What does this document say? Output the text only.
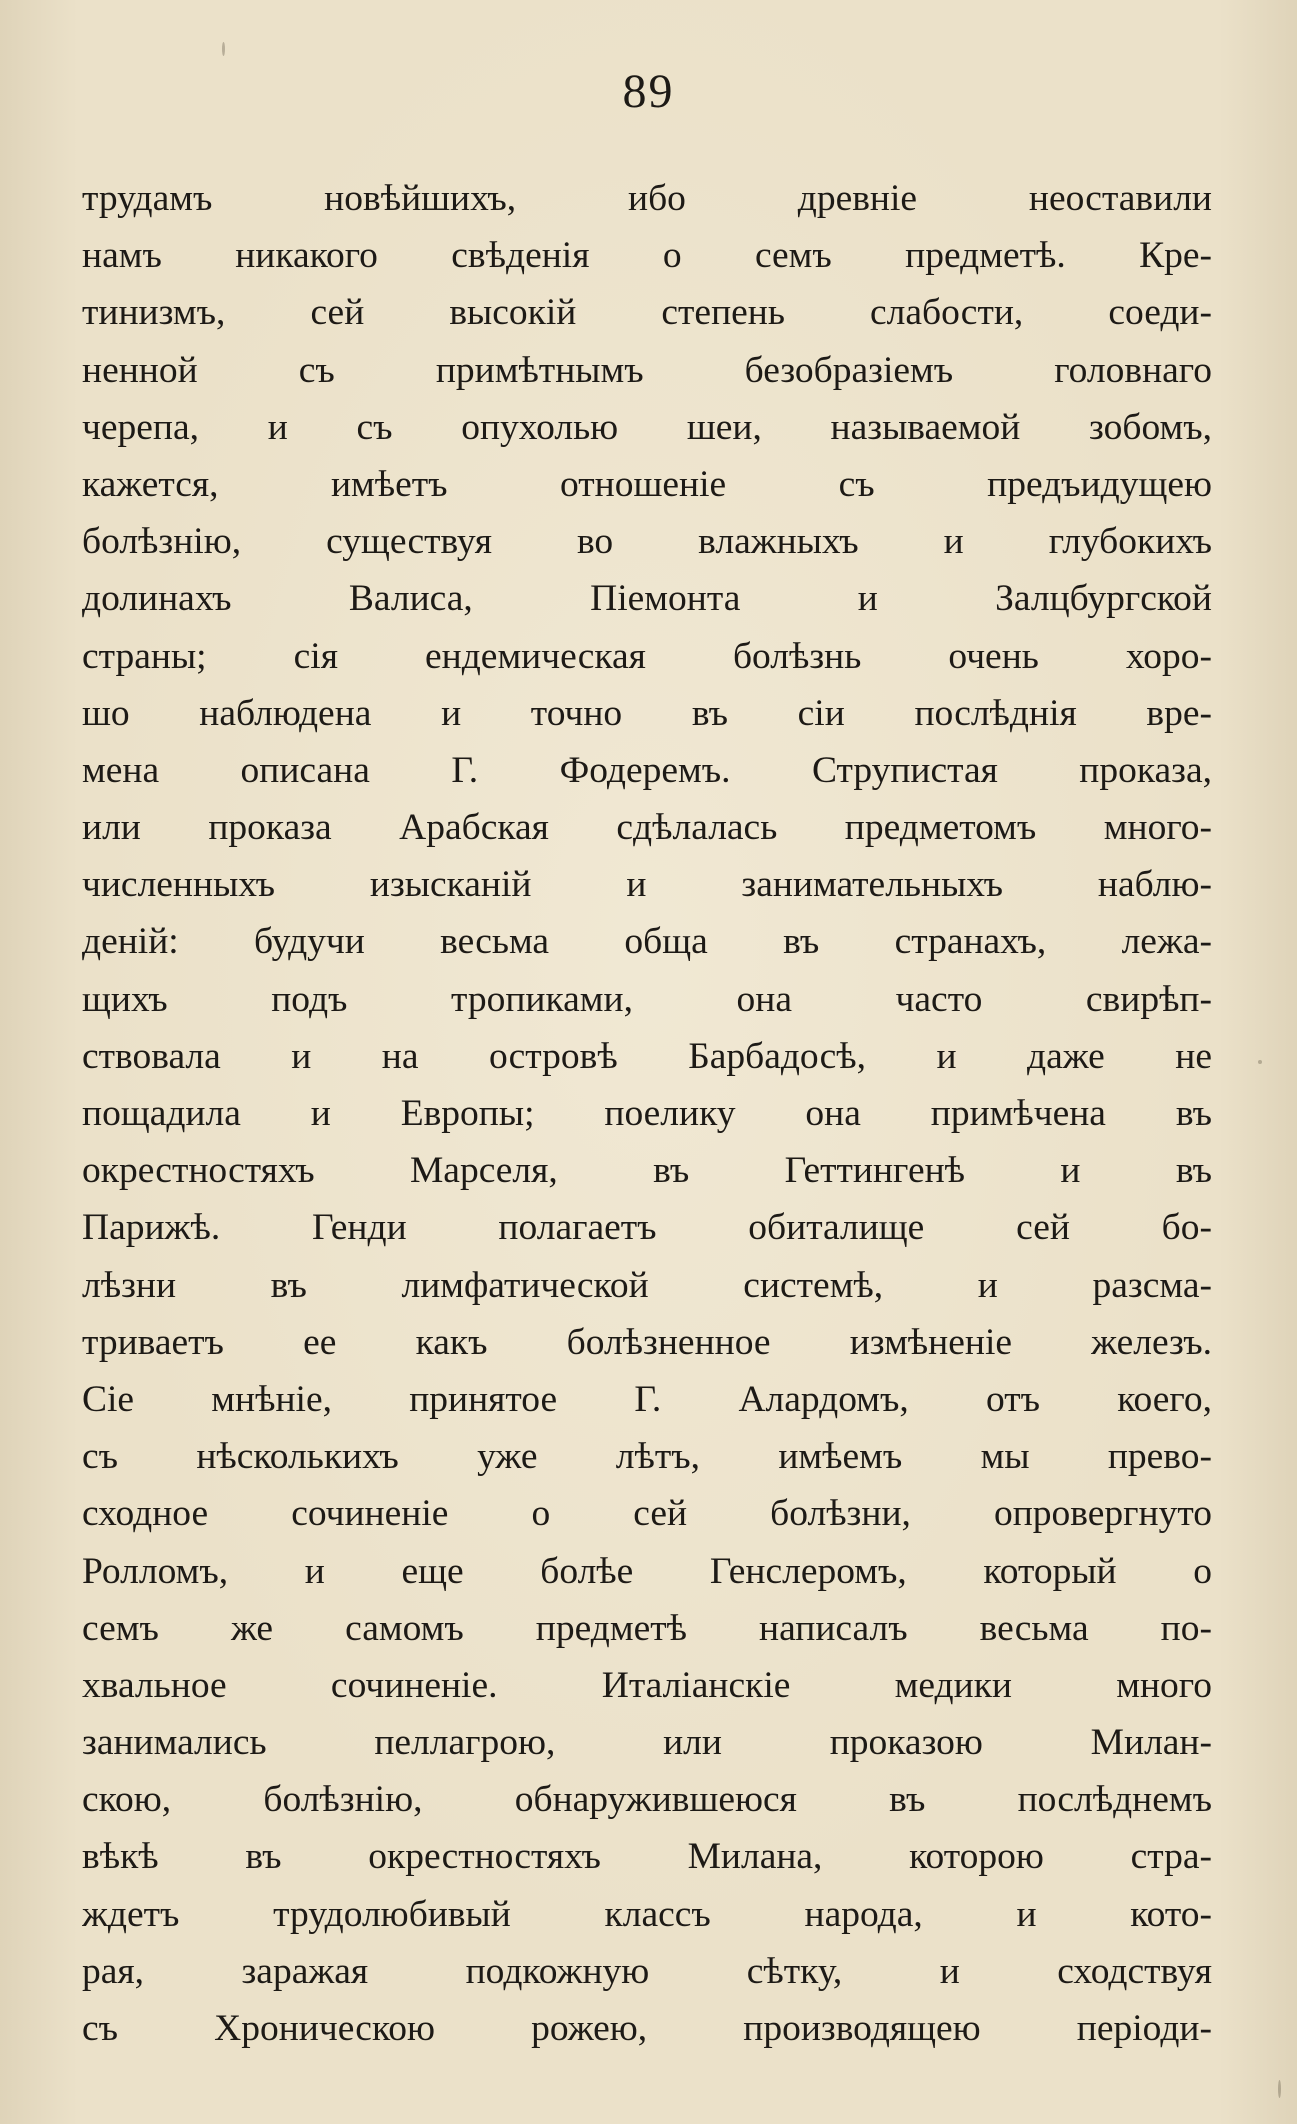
89
трудамъ новѣйшихъ, ибо древніе неоставили
намъ никакого свѣденія о семъ предметѣ. Кре-
тинизмъ, сей высокій степень слабости, соеди-
ненной съ примѣтнымъ безобразіемъ головнаго
черепа, и съ опухолью шеи, называемой зобомъ,
кажется, имѣетъ отношеніе съ предъидущею
болѣзнію, существуя во влажныхъ и глубокихъ
долинахъ Валиса, Піемонта и Залцбургской
страны; сія ендемическая болѣзнь очень хоро-
шо наблюдена и точно въ сіи послѣднія вре-
мена описана Г. Фодеремъ. Струпистая проказа,
или проказа Арабская сдѣлалась предметомъ много-
численныхъ изысканій и занимательныхъ наблю-
деній: будучи весьма обща въ странахъ, лежа-
щихъ подъ тропиками, она часто свирѣп-
ствовала и на островѣ Барбадосѣ, и даже не
пощадила и Европы; поелику она примѣчена въ
окрестностяхъ Марселя, въ Геттингенѣ и въ
Парижѣ. Генди полагаетъ обиталище сей бо-
лѣзни въ лимфатической системѣ, и разсма-
триваетъ ее какъ болѣзненное измѣненіе железъ.
Сіе мнѣніе, принятое Г. Алардомъ, отъ коего,
съ нѣсколькихъ уже лѣтъ, имѣемъ мы прево-
сходное сочиненіе о сей болѣзни, опровергнуто
Ролломъ, и еще болѣе Генслеромъ, который о
семъ же самомъ предметѣ написалъ весьма по-
хвальное сочиненіе. Италіанскіе медики много
занимались пеллагрою, или проказою Милан-
скою, болѣзнію, обнаружившеюся въ послѣднемъ
вѣкѣ въ окрестностяхъ Милана, которою стра-
ждетъ трудолюбивый классъ народа, и кото-
рая, заражая подкожную сѣтку, и сходствуя
съ Хроническою рожею, производящею періоди-
